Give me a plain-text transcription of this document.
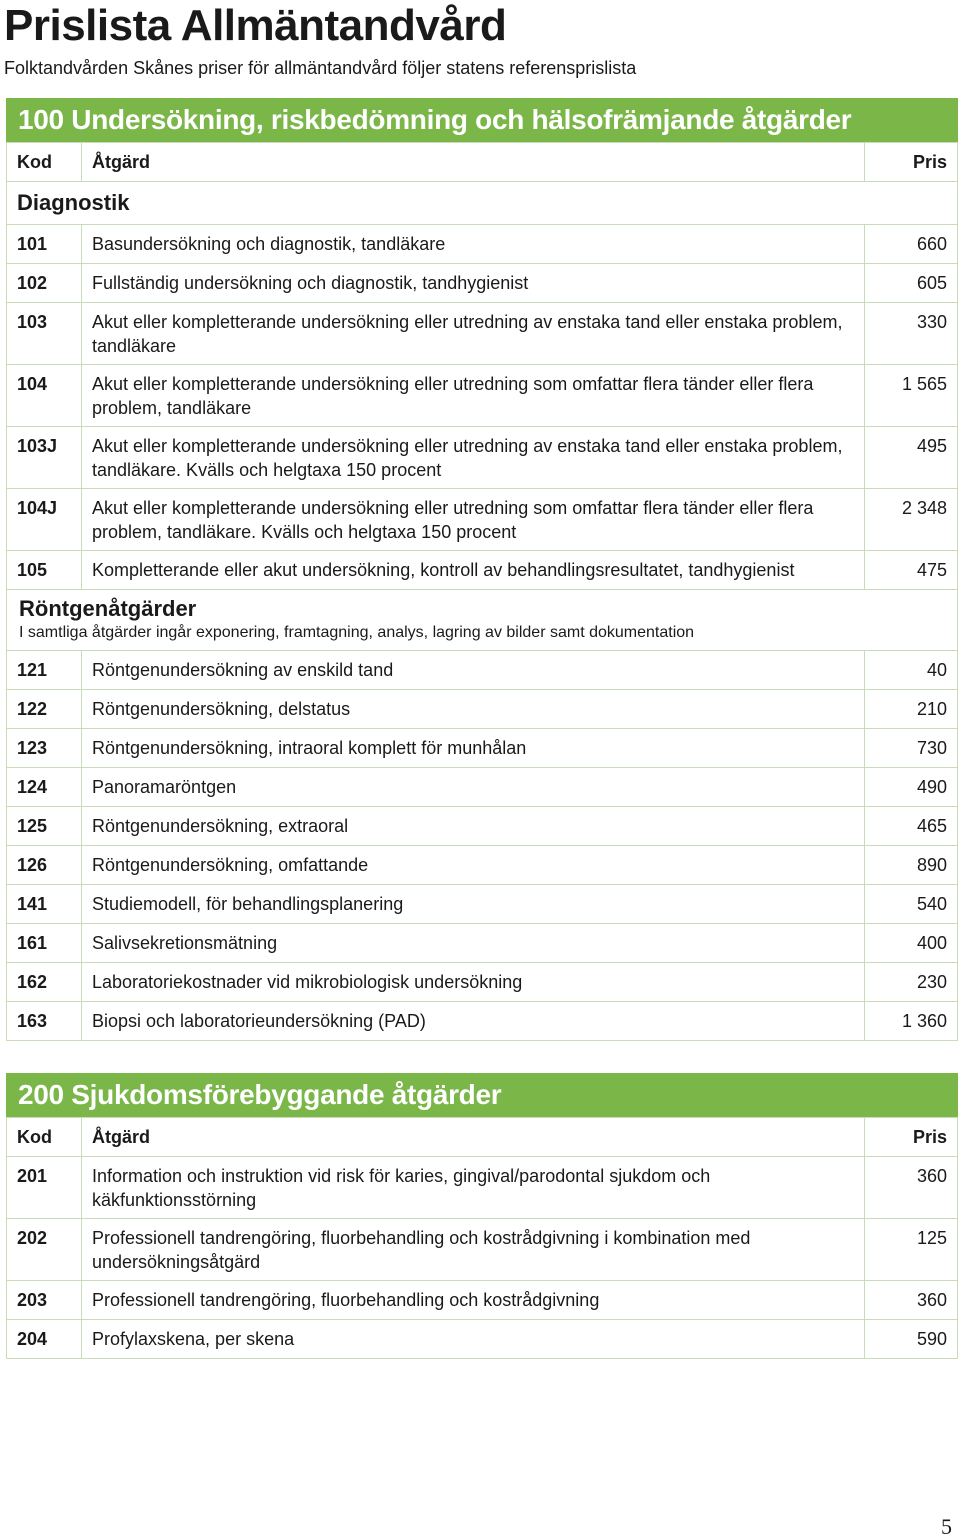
Prislista Allmäntandvård

Folktandvården Skånes priser för allmäntandvård följer statens referensprislista

100 Undersökning, riskbedömning och hälsofrämjande åtgärder
Kod	Åtgärd	Pris
Diagnostik		
101	Basundersökning och diagnostik, tandläkare	660
102	Fullständig undersökning och diagnostik, tandhygienist	605
103	Akut eller kompletterande undersökning eller utredning av enstaka tand eller enstaka problem, tandläkare	330
104	Akut eller kompletterande undersökning eller utredning som omfattar flera tänder eller flera problem, tandläkare	1 565
103J	Akut eller kompletterande undersökning eller utredning av enstaka tand eller enstaka problem, tandläkare. Kvälls och helgtaxa 150 procent	495
104J	Akut eller kompletterande undersökning eller utredning som omfattar flera tänder eller flera problem, tandläkare. Kvälls och helgtaxa 150 procent	2 348
105	Kompletterande eller akut undersökning, kontroll av behandlingsresultatet, tandhygienist	475
Röntgenåtgärder
I samtliga åtgärder ingår exponering, framtagning, analys, lagring av bilder samt dokumentation
121	Röntgenundersökning av enskild tand	40
122	Röntgenundersökning, delstatus	210
123	Röntgenundersökning, intraoral komplett för munhålan	730
124	Panoramaröntgen	490
125	Röntgenundersökning, extraoral	465
126	Röntgenundersökning, omfattande	890
141	Studiemodell, för behandlingsplanering	540
161	Salivsekretionsmätning	400
162	Laboratoriekostnader vid mikrobiologisk undersökning	230
163	Biopsi och laboratorieundersökning (PAD)	1 360
200 Sjukdomsförebyggande åtgärder
Kod	Åtgärd	Pris
201	Information och instruktion vid risk för karies, gingival/parodontal sjukdom och käkfunktionsstörning	360
202	Professionell tandrengöring, fluorbehandling och kostrådgivning i kombination med undersökningsåtgärd	125
203	Professionell tandrengöring, fluorbehandling och kostrådgivning	360
204	Profylaxskena, per skena	590
5
